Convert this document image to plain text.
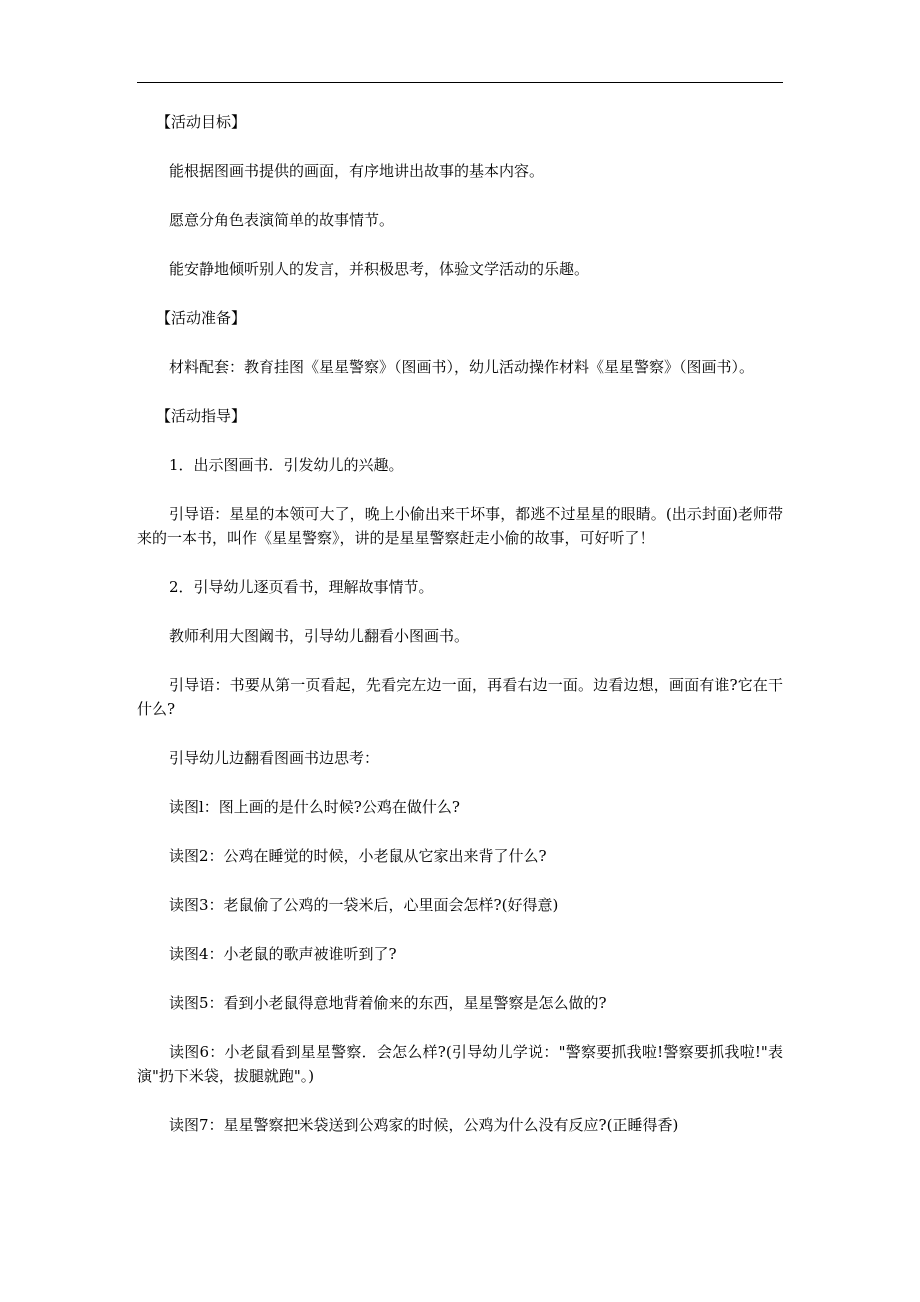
【活动目标】

能根据图画书提供的画面，有序地讲出故事的基本内容。

愿意分角色表演简单的故事情节。

能安静地倾听别人的发言，并积极思考，体验文学活动的乐趣。

【活动准备】

材料配套：教育挂图《星星警察》（图画书），幼儿活动操作材料《星星警察》（图画书）。

【活动指导】

1．出示图画书．引发幼儿的兴趣。

引导语：星星的本领可大了，晚上小偷出来干坏事，都逃不过星星的眼睛。(出示封面)老师带来的一本书，叫作《星星警察》，讲的是星星警察赶走小偷的故事，可好听了！

2．引导幼儿逐页看书，理解故事情节。

教师利用大图阚书，引导幼儿翻看小图画书。

引导语：书要从第一页看起，先看完左边一面，再看右边一面。边看边想，画面有谁?它在干什么?

引导幼儿边翻看图画书边思考：

读图l：图上画的是什么时候?公鸡在做什么?

读图2：公鸡在睡觉的时候，小老鼠从它家出来背了什么?

读图3：老鼠偷了公鸡的一袋米后，心里面会怎样?(好得意)

读图4：小老鼠的歌声被谁听到了?

读图5：看到小老鼠得意地背着偷来的东西，星星警察是怎么做的?

读图6：小老鼠看到星星警察．会怎么样?(引导幼儿学说："警察要抓我啦!警察要抓我啦!"表演"扔下米袋，拔腿就跑"。)

读图7：星星警察把米袋送到公鸡家的时候，公鸡为什么没有反应?(正睡得香)
